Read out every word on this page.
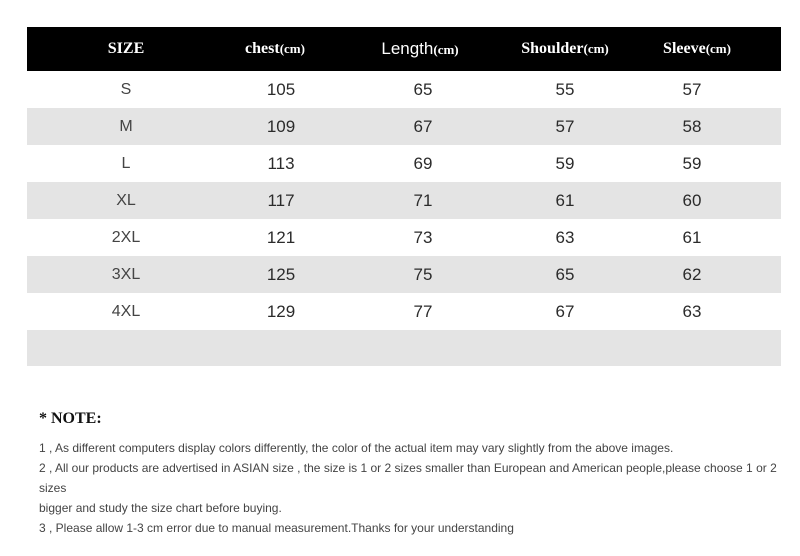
SIZE	chest(cm)	Length(cm)	Shoulder(cm)	Sleeve(cm)
S	105	65	55	57
M	109	67	57	58
L	113	69	59	59
XL	117	71	61	60
2XL	121	73	63	61
3XL	125	75	65	62
4XL	129	77	67	63
* NOTE:
1 , As different computers display colors differently, the color of the actual item may vary slightly from the above images.
2 , All our products are advertised in ASIAN size , the size is 1 or 2 sizes smaller than European and American people,please choose 1 or 2 sizes
bigger and study the size chart before buying.
3 , Please allow 1-3 cm error due to manual measurement.Thanks for your understanding
